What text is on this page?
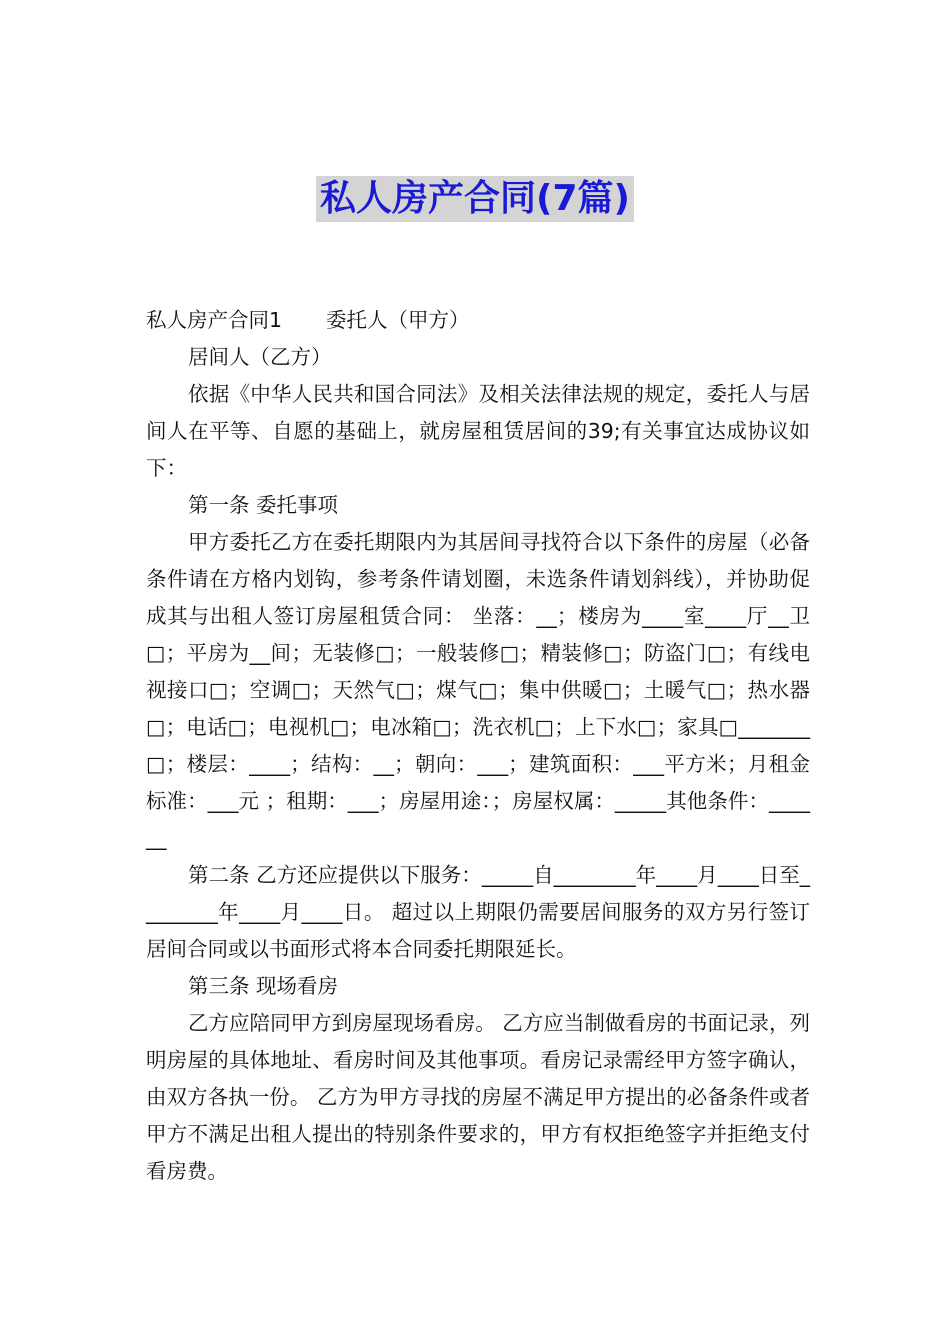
私人房产合同(7篇)

私人房产合同1 委托人（甲方）

居间人（乙方）

依据《中华人民共和国合同法》及相关法律法规的规定，委托人与居间人在平等、自愿的基础上，就房屋租赁居间的39;有关事宜达成协议如下：

第一条 委托事项

甲方委托乙方在委托期限内为其居间寻找符合以下条件的房屋（必备条件请在方格内划钩，参考条件请划圈，未选条件请划斜线），并协助促成其与出租人签订房屋租赁合同： 坐落：__；楼房为____室____厅__卫□；平房为__间；无装修□；一般装修□；精装修□；防盗门□；有线电视接口□；空调□；天然气□；煤气□；集中供暖□；土暖气□；热水器□；电话□；电视机□；电冰箱□；洗衣机□；上下水□；家具□_______□；楼层：____；结构：__；朝向：___；建筑面积：___平方米；月租金标准：___元 ；租期：___；房屋用途：；房屋权属：_____其他条件：______

第二条 乙方还应提供以下服务：_____自________年____月____日至________年____月____日。 超过以上期限仍需要居间服务的双方另行签订居间合同或以书面形式将本合同委托期限延长。

第三条 现场看房

乙方应陪同甲方到房屋现场看房。 乙方应当制做看房的书面记录，列明房屋的具体地址、看房时间及其他事项。看房记录需经甲方签字确认，由双方各执一份。 乙方为甲方寻找的房屋不满足甲方提出的必备条件或者甲方不满足出租人提出的特别条件要求的，甲方有权拒绝签字并拒绝支付看房费。
